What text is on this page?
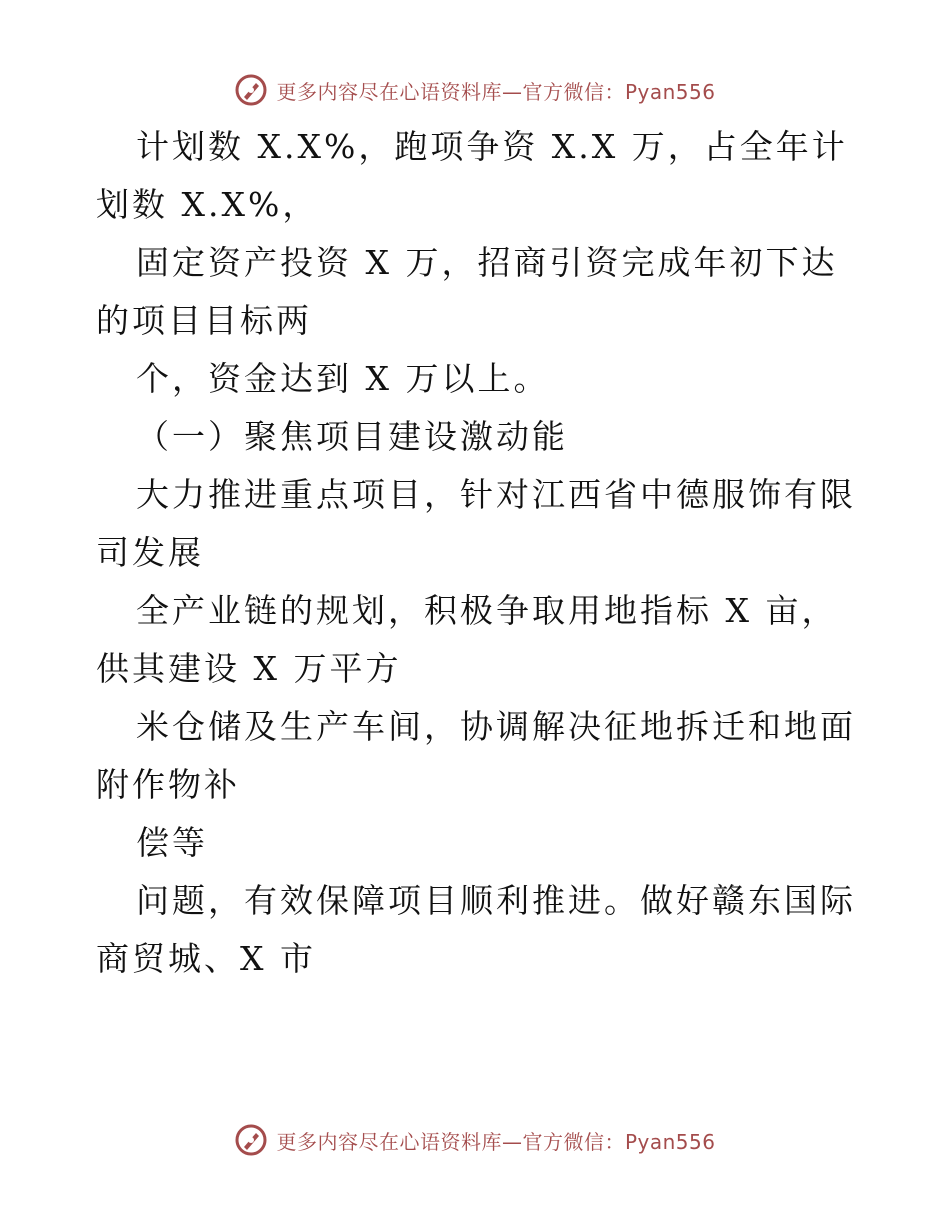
更多内容尽在心语资料库—官方微信：Pyan556

计划数 X.X%，跑项争资 X.X 万，占全年计划数 X.X%，

固定资产投资 X 万，招商引资完成年初下达的项目目标两

个，资金达到 X 万以上。

（一）聚焦项目建设激动能

大力推进重点项目，针对江西省中德服饰有限司发展

全产业链的规划，积极争取用地指标 X 亩，供其建设 X 万平方

米仓储及生产车间，协调解决征地拆迁和地面附作物补

偿等

问题，有效保障项目顺利推进。做好赣东国际商贸城、X 市

更多内容尽在心语资料库—官方微信：Pyan556
